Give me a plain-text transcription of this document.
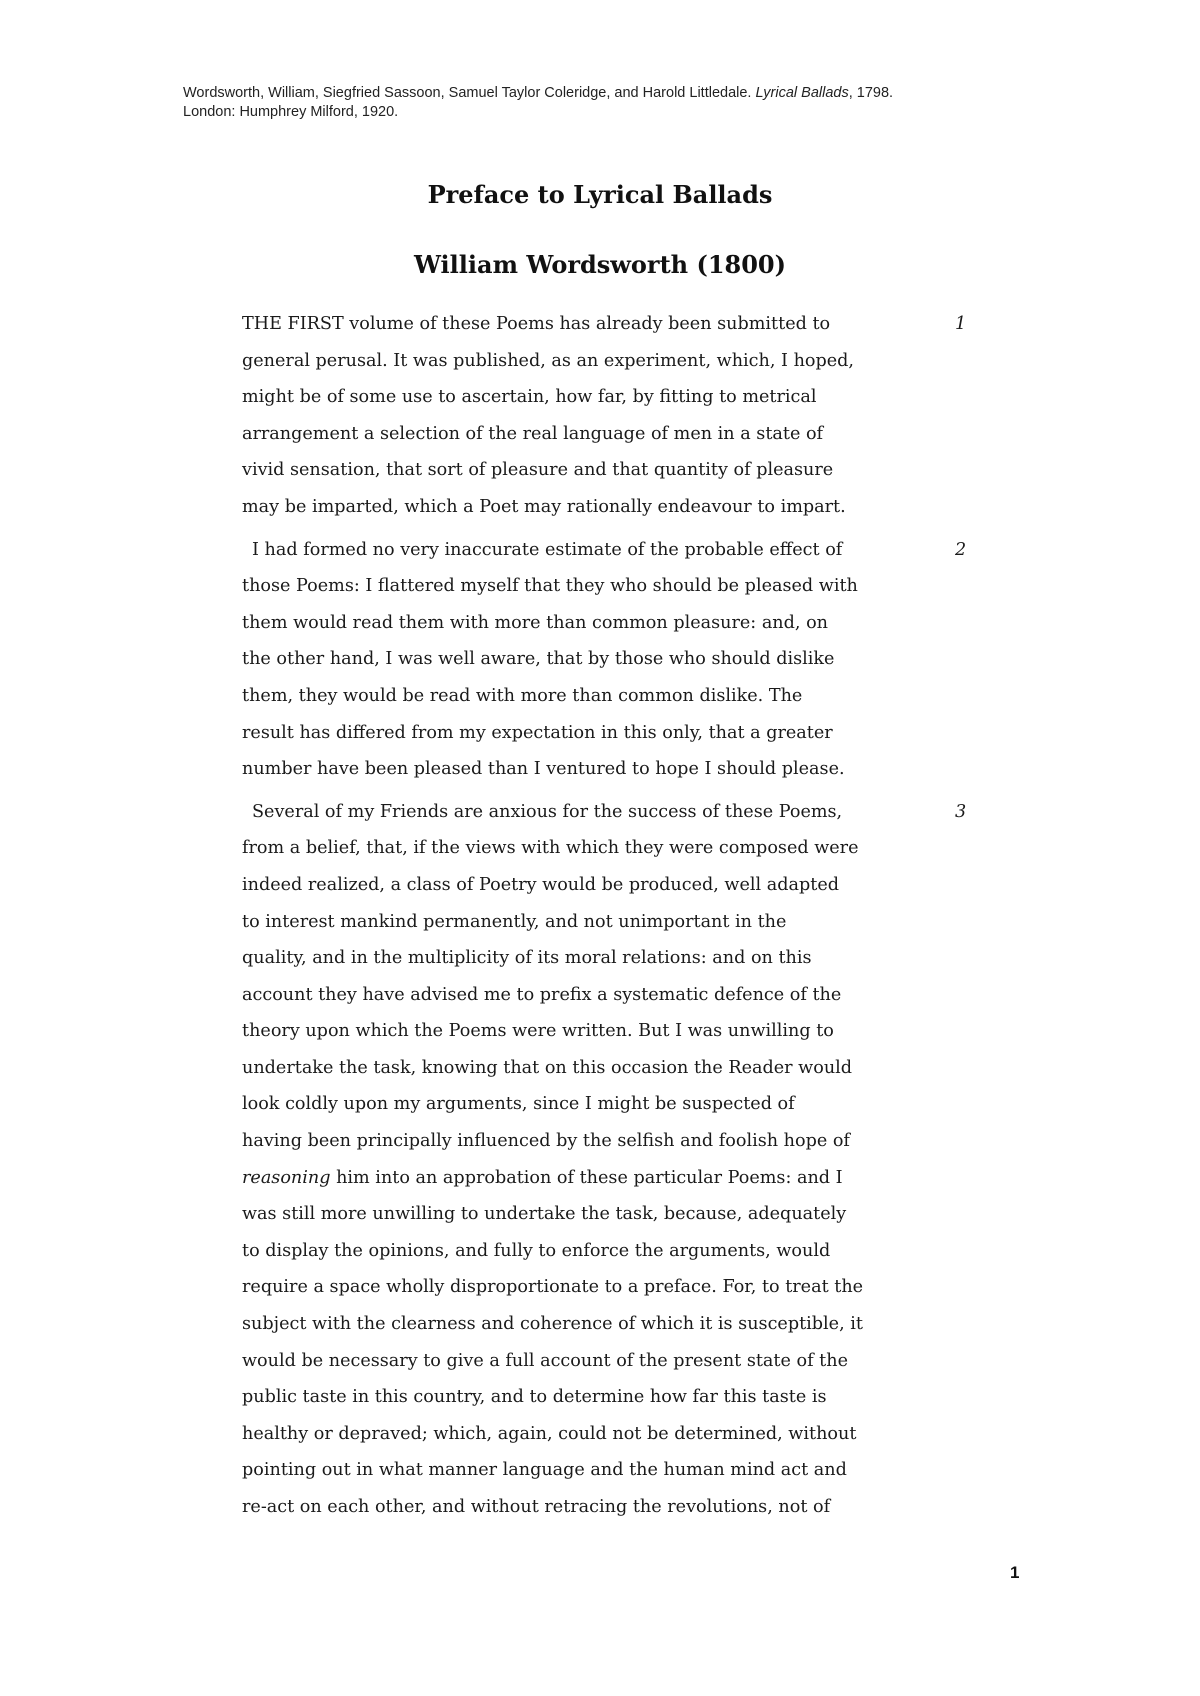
Wordsworth, William, Siegfried Sassoon, Samuel Taylor Coleridge, and Harold Littledale. Lyrical Ballads, 1798.
London: Humphrey Milford, 1920.
Preface to Lyrical Ballads
William Wordsworth (1800)
1
THE FIRST volume of these Poems has already been submitted to
general perusal. It was published, as an experiment, which, I hoped,
might be of some use to ascertain, how far, by fitting to metrical
arrangement a selection of the real language of men in a state of
vivid sensation, that sort of pleasure and that quantity of pleasure
may be imparted, which a Poet may rationally endeavour to impart.
2
I had formed no very inaccurate estimate of the probable effect of
those Poems: I flattered myself that they who should be pleased with
them would read them with more than common pleasure: and, on
the other hand, I was well aware, that by those who should dislike
them, they would be read with more than common dislike. The
result has differed from my expectation in this only, that a greater
number have been pleased than I ventured to hope I should please.
3
Several of my Friends are anxious for the success of these Poems,
from a belief, that, if the views with which they were composed were
indeed realized, a class of Poetry would be produced, well adapted
to interest mankind permanently, and not unimportant in the
quality, and in the multiplicity of its moral relations: and on this
account they have advised me to prefix a systematic defence of the
theory upon which the Poems were written. But I was unwilling to
undertake the task, knowing that on this occasion the Reader would
look coldly upon my arguments, since I might be suspected of
having been principally influenced by the selfish and foolish hope of
reasoning him into an approbation of these particular Poems: and I
was still more unwilling to undertake the task, because, adequately
to display the opinions, and fully to enforce the arguments, would
require a space wholly disproportionate to a preface. For, to treat the
subject with the clearness and coherence of which it is susceptible, it
would be necessary to give a full account of the present state of the
public taste in this country, and to determine how far this taste is
healthy or depraved; which, again, could not be determined, without
pointing out in what manner language and the human mind act and
re-act on each other, and without retracing the revolutions, not of
1
